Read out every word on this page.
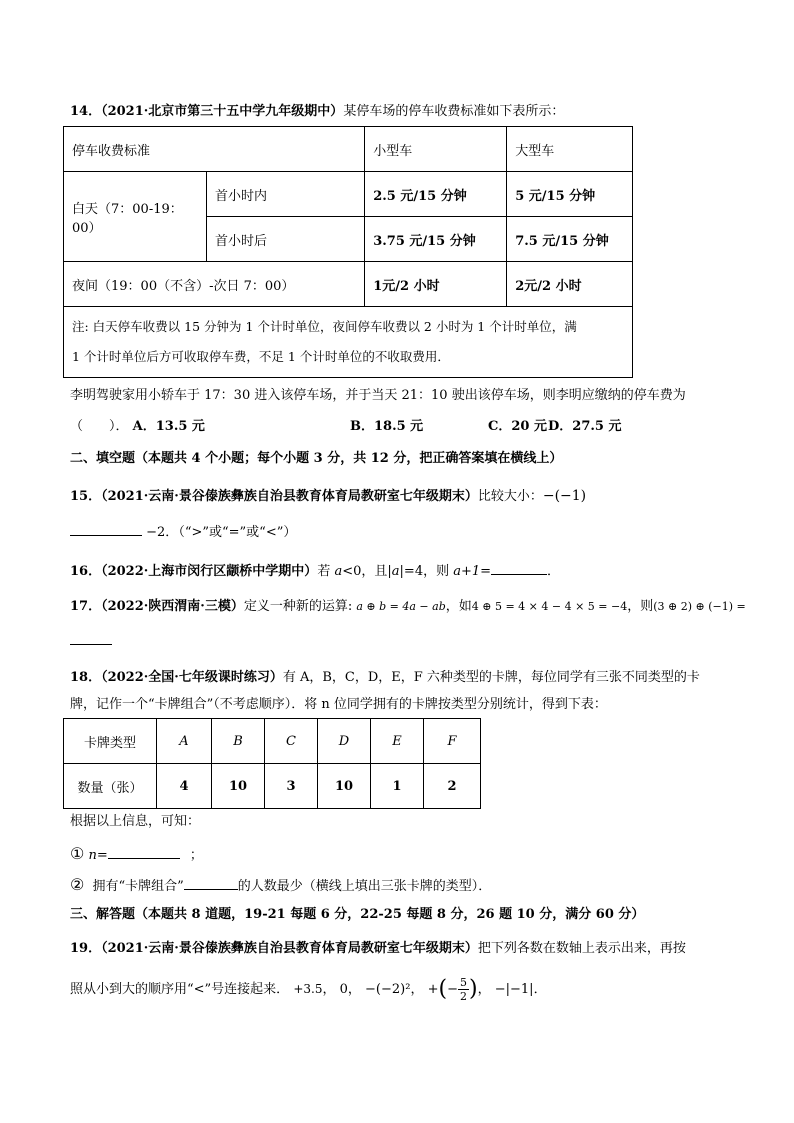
14．（2021·北京市第三十五中学九年级期中）某停车场的停车收费标准如下表所示：
停车收费标准		小型车	大型车
白天（7：00-19：00）	首小时内	2.5 元/15 分钟	5 元/15 分钟
	首小时后	3.75 元/15 分钟	7.5 元/15 分钟
夜间（19：00（不含）-次日 7：00）		1元/2 小时	2元/2 小时

注: 白天停车收费以 15 分钟为 1 个计时单位，夜间停车收费以 2 小时为 1 个计时单位，满
1 个计时单位后方可收取停车费，不足 1 个计时单位的不收取费用．			
李明驾驶家用小轿车于 17：30 进入该停车场，并于当天 21：10 驶出该停车场，则李明应缴纳的停车费为
（　　）． A．13.5 元	B．18.5 元	C．20 元 D．27.5 元
二、填空题（本题共 4 个小题；每个小题 3 分，共 12 分，把正确答案填在横线上）
15．（2021·云南·景谷傣族彝族自治县教育体育局教研室七年级期末）比较大小：−(−1)
−2．（“>”或“=”或“<”）
16．（2022·上海市闵行区颛桥中学期中）若 a<0，且|a|=4，则 a+1=	．
17．（2022·陕西渭南·三模）定义一种新的运算: a ⊕ b = 4a − ab，如4 ⊕ 5 = 4 × 4 − 4 × 5 = −4，则(3 ⊕ 2) ⊕ (−1) =
18．（2022·全国·七年级课时练习）有 A，B，C，D，E，F 六种类型的卡牌，每位同学有三张不同类型的卡
牌，记作一个“卡牌组合”（不考虑顺序）．将 n 位同学拥有的卡牌按类型分别统计，得到下表：
卡牌类型	A	B	C	D	E	F
数量（张）	4	10	3	10	1	2
根据以上信息，可知：
① n=	；
② 拥有“卡牌组合”	的人数最少（横线上填出三张卡牌的类型）．
三、解答题（本题共 8 道题，19-21 每题 6 分，22-25 每题 8 分，26 题 10 分，满分 60 分）
19．（2021·云南·景谷傣族彝族自治县教育体育局教研室七年级期末）把下列各数在数轴上表示出来，再按
照从小到大的顺序用“<”号连接起来． +3.5， 0， −(−2)²， +(− $\frac{5}{2}$ )， −|−1|．
